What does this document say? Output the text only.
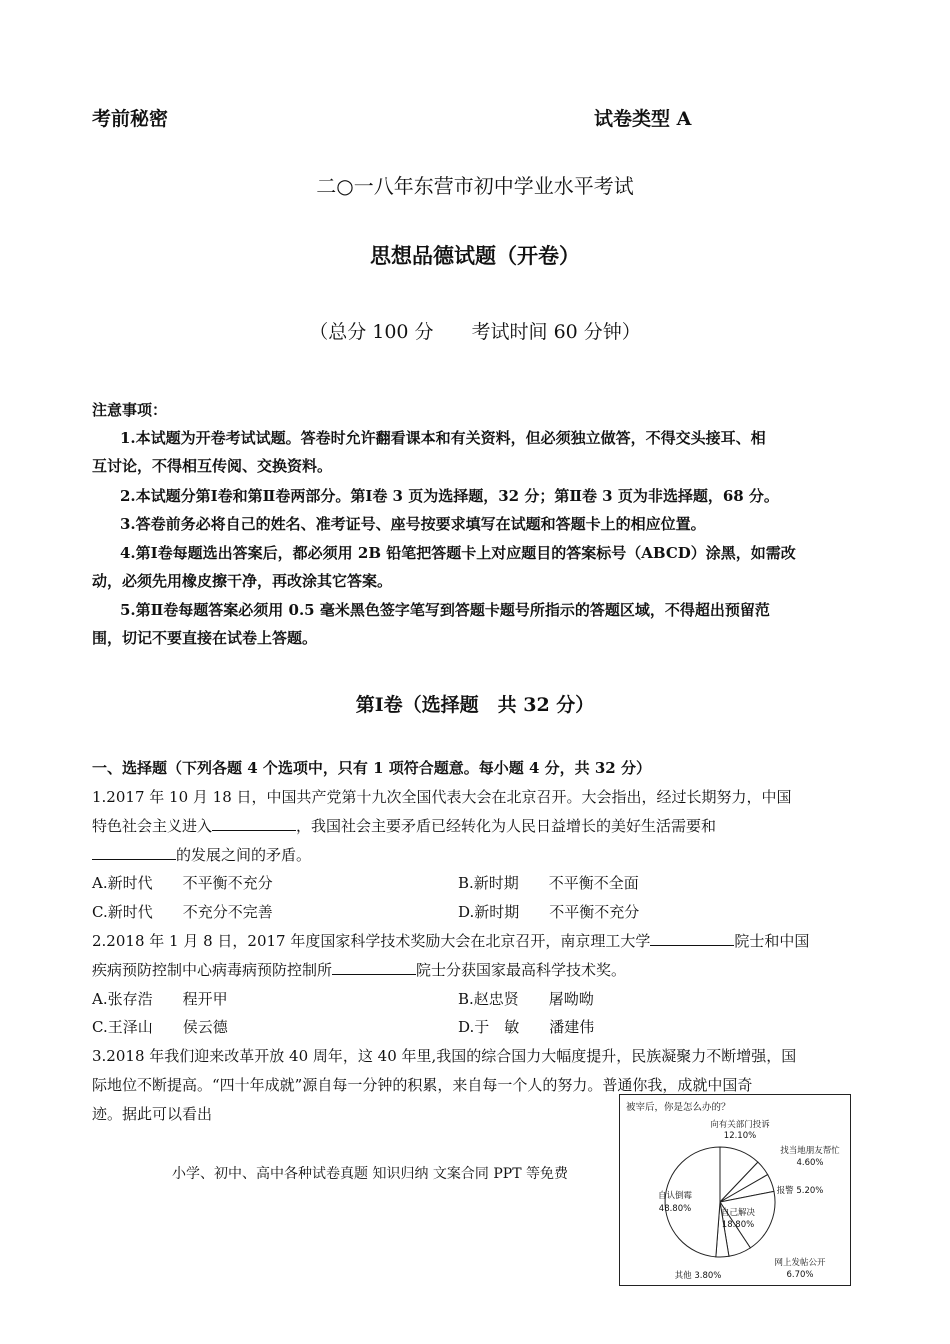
考前秘密	试卷类型 A
二○一八年东营市初中学业水平考试
思想品德试题（开卷）
（总分 100 分　　考试时间 60 分钟）
注意事项：
1.本试题为开卷考试试题。答卷时允许翻看课本和有关资料，但必须独立做答，不得交头接耳、相
互讨论，不得相互传阅、交换资料。
2.本试题分第Ⅰ卷和第Ⅱ卷两部分。第Ⅰ卷 3 页为选择题，32 分；第Ⅱ卷 3 页为非选择题，68 分。
3.答卷前务必将自己的姓名、准考证号、座号按要求填写在试题和答题卡上的相应位置。
4.第Ⅰ卷每题选出答案后，都必须用 2B 铅笔把答题卡上对应题目的答案标号（ABCD）涂黑，如需改
动，必须先用橡皮擦干净，再改涂其它答案。
5.第Ⅱ卷每题答案必须用 0.5 毫米黑色签字笔写到答题卡题号所指示的答题区域，不得超出预留范
围，切记不要直接在试卷上答题。
第Ⅰ卷（选择题　共 32 分）
一、选择题（下列各题 4 个选项中，只有 1 项符合题意。每小题 4 分，共 32 分）
1.2017 年 10 月 18 日，中国共产党第十九次全国代表大会在北京召开。大会指出，经过长期努力，中国
特色社会主义进入	，我国社会主要矛盾已经转化为人民日益增长的美好生活需要和
的发展之间的矛盾。
A.新时代　　不平衡不充分	B.新时期　　不平衡不全面
C.新时代　　不充分不完善	D.新时期　　不平衡不充分
2.2018 年 1 月 8 日，2017 年度国家科学技术奖励大会在北京召开，南京理工大学	院士和中国
疾病预防控制中心病毒病预防控制所	院士分获国家最高科学技术奖。
A.张存浩　　程开甲	B.赵忠贤　　屠呦呦
C.王泽山　　侯云德	D.于　敏　　潘建伟
3.2018 年我们迎来改革开放 40 周年，这 40 年里,我国的综合国力大幅度提升，民族凝聚力不断增强，国
际地位不断提高。“四十年成就”源自每一分钟的积累，来自每一个人的努力。普通你我，成就中国奇
迹。据此可以看出
小学、初中、高中各种试卷真题 知识归纳 文案合同 PPT 等免费
被宰后，你是怎么办的？
向有关部门投诉
12.10%
找当地朋友帮忙
4.60%
报警 5.20%
自己解决
18.80%
网上发帖公开
6.70%
其他 3.80%
自认倒霉
48.80%
